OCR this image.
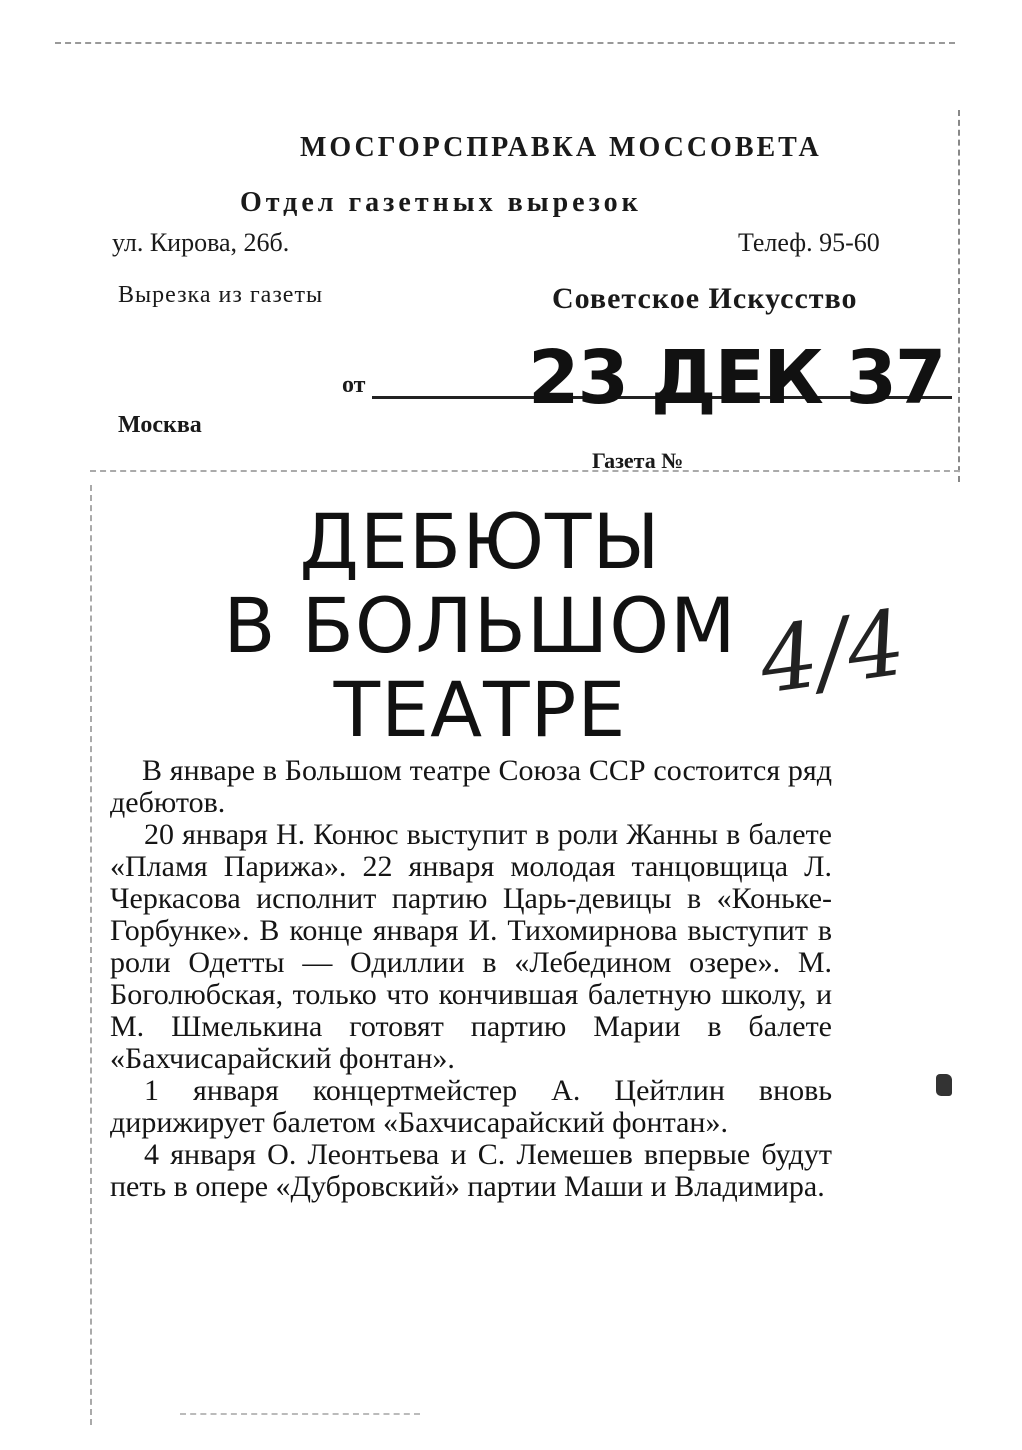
МОСГОРСПРАВКА МОССОВЕТА
Отдел газетных вырезок
ул. Кирова, 26б.	Телеф. 95-60
Вырезка из газеты	Советское Искусство
от 23 ДЕК 37
Москва
Газета №
ДЕБЮТЫ
В БОЛЬШОМ
ТЕАТРЕ	4/4

В январе в Большом театре Союза ССР состоится ряд дебютов.

20 января Н. Конюс выступит в роли Жанны в балете «Пламя Парижа». 22 января молодая танцовщица Л. Черкасова исполнит партию Царь-девицы в «Коньке-Горбунке». В конце января И. Тихомирнова выступит в роли Одетты — Одиллии в «Лебедином озере». М. Боголюбская, только что кончившая балетную школу, и М. Шмелькина готовят партию Марии в балете «Бахчисарайский фонтан».

1 января концертмейстер А. Цейтлин вновь дирижирует балетом «Бахчисарайский фонтан».

4 января О. Леонтьева и С. Лемешев впервые будут петь в опере «Дубровский» партии Маши и Владимира.
